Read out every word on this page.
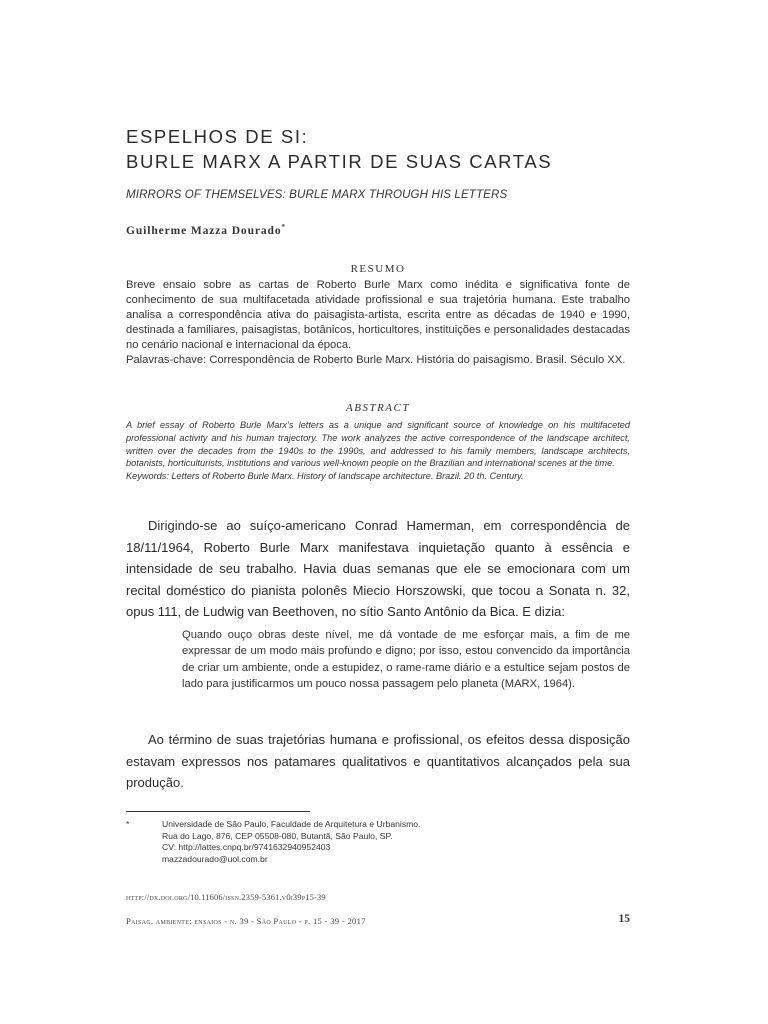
ESPELHOS DE SI:
BURLE MARX A PARTIR DE SUAS CARTAS
MIRRORS OF THEMSELVES: BURLE MARX THROUGH HIS LETTERS
Guilherme Mazza Dourado*
RESUMO

Breve ensaio sobre as cartas de Roberto Burle Marx como inédita e significativa fonte de conhecimento de sua multifacetada atividade profissional e sua trajetória humana. Este trabalho analisa a correspondência ativa do paisagista-artista, escrita entre as décadas de 1940 e 1990, destinada a familiares, paisagistas, botânicos, horticultores, instituições e personalidades destacadas no cenário nacional e internacional da época.

Palavras-chave: Correspondência de Roberto Burle Marx. História do paisagismo. Brasil. Século XX.

ABSTRACT

A brief essay of Roberto Burle Marx’s letters as a unique and significant source of knowledge on his multifaceted professional activity and his human trajectory. The work analyzes the active correspondence of the landscape architect, written over the decades from the 1940s to the 1990s, and addressed to his family members, landscape architects, botanists, horticulturists, institutions and various well-known people on the Brazilian and international scenes at the time.

Keywords: Letters of Roberto Burle Marx. History of landscape architecture. Brazil. 20 th. Century.

Dirigindo-se ao suíço-americano Conrad Hamerman, em correspondência de 18/11/1964, Roberto Burle Marx manifestava inquietação quanto à essência e intensidade de seu trabalho. Havia duas semanas que ele se emocionara com um recital doméstico do pianista polonês Miecio Horszowski, que tocou a Sonata n. 32, opus 111, de Ludwig van Beethoven, no sítio Santo Antônio da Bica. E dizia:

Quando ouço obras deste nível, me dá vontade de me esforçar mais, a fim de me expressar de um modo mais profundo e digno; por isso, estou convencido da importância de criar um ambiente, onde a estupidez, o rame-rame diário e a estultice sejam postos de lado para justificarmos um pouco nossa passagem pelo planeta (MARX, 1964).

Ao término de suas trajetórias humana e profissional, os efeitos dessa disposição estavam expressos nos patamares qualitativos e quantitativos alcançados pela sua produção.

*	Universidade de São Paulo, Faculdade de Arquitetura e Urbanismo.
Rua do Lago, 876, CEP 05508-080, Butantã, São Paulo, SP.
CV: http://lattes.cnpq.br/9741632940952403
mazzadourado@uol.com.br
http://dx.doi.org/10.11606/issn.2359-5361.v0i39p15-39
Paisag. ambiente: ensaios - n. 39 - São Paulo - p. 15 - 39 - 2017	15
